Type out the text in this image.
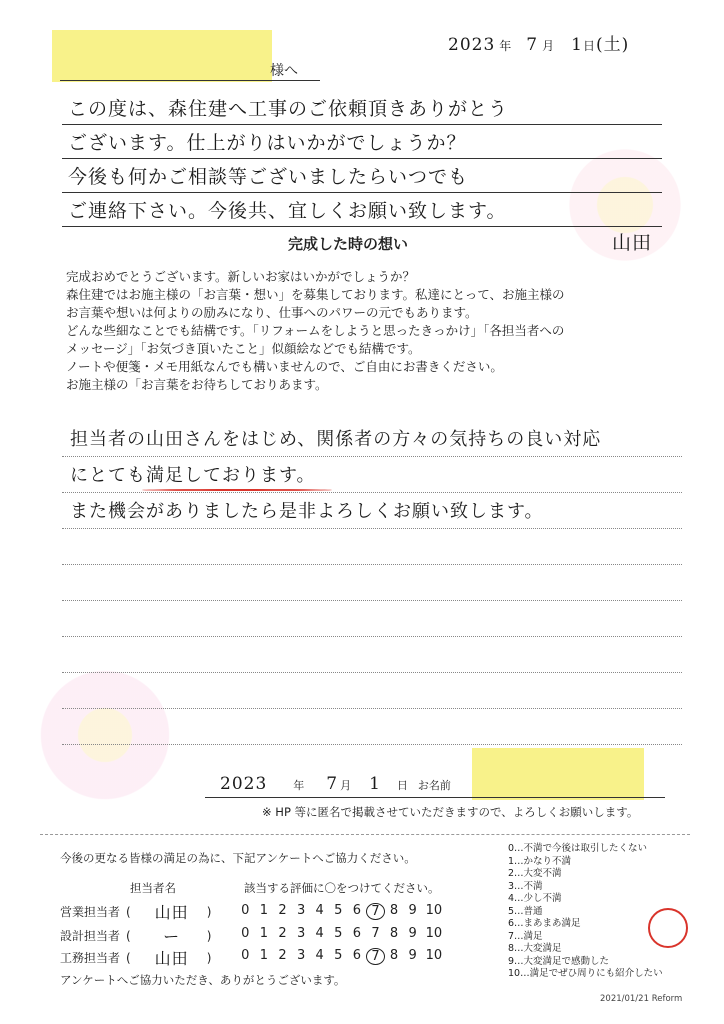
様へ
2023 年 7 月 1日(土)
この度は、森住建へ工事のご依頼頂きありがとう
ございます。仕上がりはいかがでしょうか？
今後も何かご相談等ございましたらいつでも
ご連絡下さい。今後共、宜しくお願い致します。
完成した時の想い	山田
完成おめでとうございます。新しいお家はいかがでしょうか？
森住建ではお施主様の「お言葉・想い」を募集しております。私達にとって、お施主様の
お言葉や想いは何よりの励みになり、仕事へのパワーの元でもあります。
どんな些細なことでも結構です。「リフォームをしようと思ったきっかけ」「各担当者への
メッセージ」「お気づき頂いたこと」似顔絵などでも結構です。
ノートや便箋・メモ用紙なんでも構いませんので、ご自由にお書きください。
お施主様の「お言葉をお待ちしておりあます。
担当者の山田さんをはじめ、関係者の方々の気持ちの良い対応
にとても満足しております。
また機会がありましたら是非よろしくお願い致します。
2023 年 7 月 1 日 お名前
※ HP 等に匿名で掲載させていただきますので、よろしくお願いします。
今後の更なる皆様の満足の為に、下記アンケートへご協力ください。
担当者名	該当する評価に〇をつけてください。
営業担当者 (	山田	)	0 1 2 3 4 5 6 7 8 9 10
設計担当者 (	ー	)	0 1 2 3 4 5 6 7 8 9 10
工務担当者 (	山田	)	0 1 2 3 4 5 6 7 8 9 10
アンケートへご協力いただき、ありがとうございます。
0…不満で今後は取引したくない
1…かなり不満
2…大変不満
3…不満
4…少し不満
5…普通
6…まあまあ満足
7…満足
8…大変満足
9…大変満足で感動した
10…満足でぜひ周りにも紹介したい
2021/01/21 Reform
